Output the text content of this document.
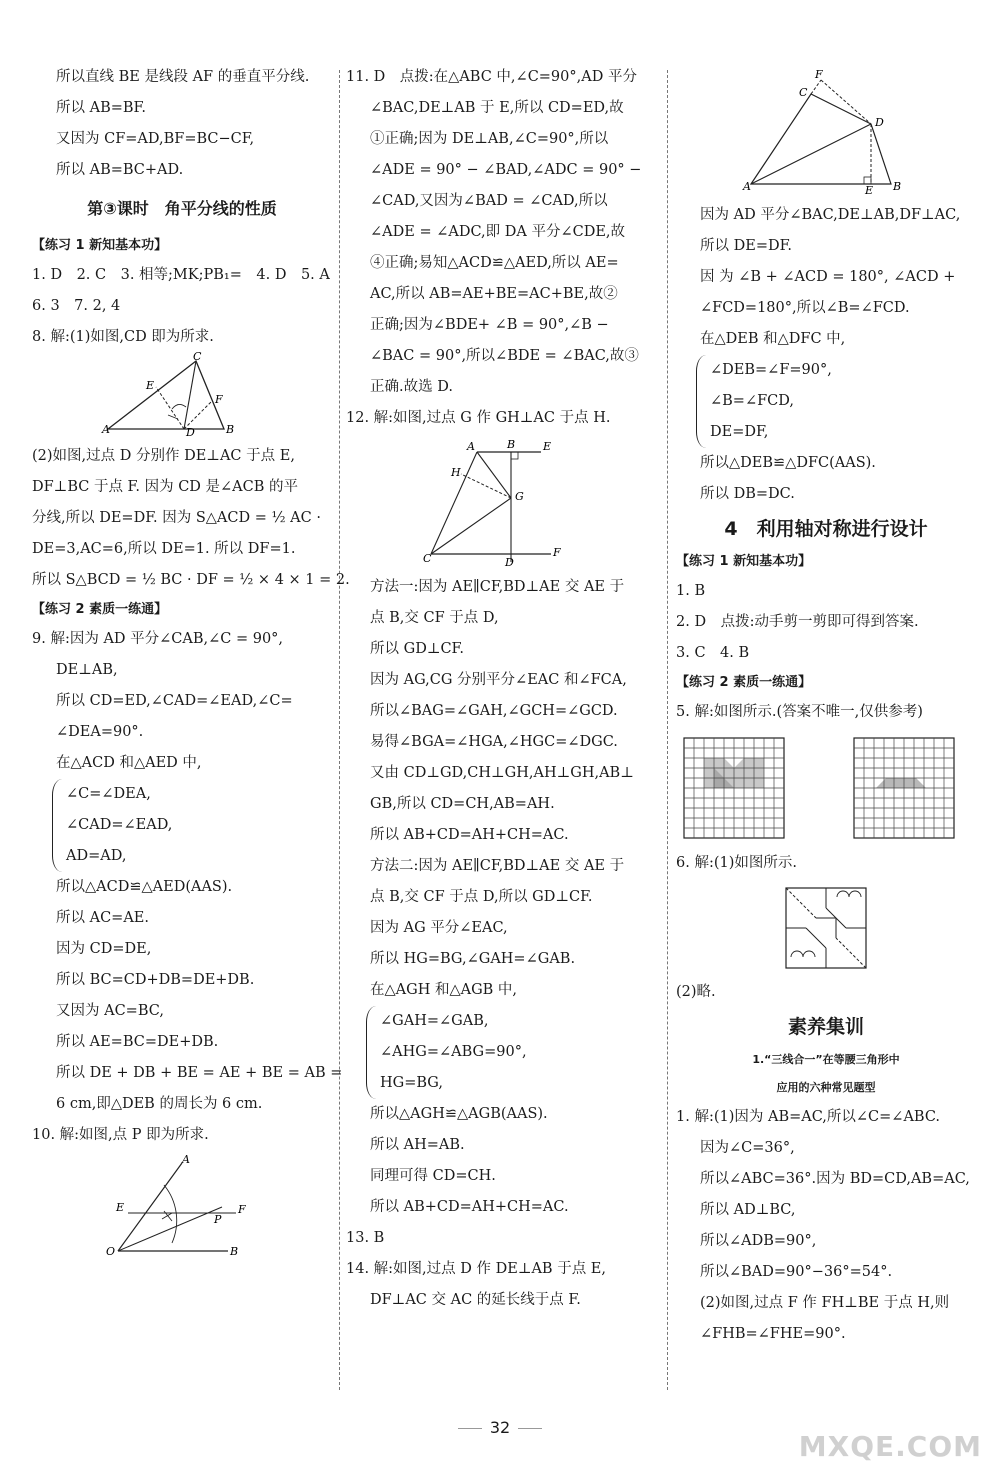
所以直线 BE 是线段 AF 的垂直平分线.
所以 AB=BF.
又因为 CF=AD,BF=BC−CF,
所以 AB=BC+AD.
第③课时　角平分线的性质
【练习 1 新知基本功】
1. D　2. C　3. 相等;MK;PB₁=　4. D　5. A
6. 3　7. 2, 4
8. 解:(1)如图,CD 即为所求.
A	B
C
D
E
F
(2)如图,过点 D 分别作 DE⊥AC 于点 E,
DF⊥BC 于点 F. 因为 CD 是∠ACB 的平
分线,所以 DE=DF. 因为 S△ACD = ½ AC ·
DE=3,AC=6,所以 DE=1. 所以 DF=1.
所以 S△BCD = ½ BC · DF = ½ × 4 × 1 = 2.
【练习 2 素质一练通】
9. 解:因为 AD 平分∠CAB,∠C = 90°,
DE⊥AB,
所以 CD=ED,∠CAD=∠EAD,∠C=
∠DEA=90°.
在△ACD 和△AED 中,
∠C=∠DEA,
∠CAD=∠EAD,
AD=AD,
所以△ACD≌△AED(AAS).
所以 AC=AE.
因为 CD=DE,
所以 BC=CD+DB=DE+DB.
又因为 AC=BC,
所以 AE=BC=DE+DB.
所以 DE + DB + BE = AE + BE = AB =
6 cm,即△DEB 的周长为 6 cm.
10. 解:如图,点 P 即为所求.
A
B
E	F
O
P
11. D　点拨:在△ABC 中,∠C=90°,AD 平分
∠BAC,DE⊥AB 于 E,所以 CD=ED,故
①正确;因为 DE⊥AB,∠C=90°,所以
∠ADE = 90° − ∠BAD,∠ADC = 90° −
∠CAD,又因为∠BAD = ∠CAD,所以
∠ADE = ∠ADC,即 DA 平分∠CDE,故
④正确;易知△ACD≌△AED,所以 AE=
AC,所以 AB=AE+BE=AC+BE,故②
正确;因为∠BDE+ ∠B = 90°,∠B −
∠BAC = 90°,所以∠BDE = ∠BAC,故③
正确.故选 D.
12. 解:如图,过点 G 作 GH⊥AC 于点 H.
A	B
C	D
E
F
G
H
方法一:因为 AE∥CF,BD⊥AE 交 AE 于
点 B,交 CF 于点 D,
所以 GD⊥CF.
因为 AG,CG 分别平分∠EAC 和∠FCA,
所以∠BAG=∠GAH,∠GCH=∠GCD.
易得∠BGA=∠HGA,∠HGC=∠DGC.
又由 CD⊥GD,CH⊥GH,AH⊥GH,AB⊥
GB,所以 CD=CH,AB=AH.
所以 AB+CD=AH+CH=AC.
方法二:因为 AE∥CF,BD⊥AE 交 AE 于
点 B,交 CF 于点 D,所以 GD⊥CF.
因为 AG 平分∠EAC,
所以 HG=BG,∠GAH=∠GAB.
在△AGH 和△AGB 中,
∠GAH=∠GAB,
∠AHG=∠ABG=90°,
HG=BG,
所以△AGH≌△AGB(AAS).
所以 AH=AB.
同理可得 CD=CH.
所以 AB+CD=AH+CH=AC.
13. B
14. 解:如图,过点 D 作 DE⊥AB 于点 E,
DF⊥AC 交 AC 的延长线于点 F.
A	B
C
D
E
F
因为 AD 平分∠BAC,DE⊥AB,DF⊥AC,
所以 DE=DF.
因 为 ∠B + ∠ACD = 180°, ∠ACD +
∠FCD=180°,所以∠B=∠FCD.
在△DEB 和△DFC 中,
∠DEB=∠F=90°,
∠B=∠FCD,
DE=DF,
所以△DEB≌△DFC(AAS).
所以 DB=DC.
4　利用轴对称进行设计
【练习 1 新知基本功】
1. B
2. D　点拨:动手剪一剪即可得到答案.
3. C　4. B
【练习 2 素质一练通】
5. 解:如图所示.(答案不唯一,仅供参考)
6. 解:(1)如图所示.
(2)略.
素养集训
1.“三线合一”在等腰三角形中
应用的六种常见题型
1. 解:(1)因为 AB=AC,所以∠C=∠ABC.
因为∠C=36°,
所以∠ABC=36°.因为 BD=CD,AB=AC,
所以 AD⊥BC,
所以∠ADB=90°,
所以∠BAD=90°−36°=54°.
(2)如图,过点 F 作 FH⊥BE 于点 H,则
∠FHB=∠FHE=90°.
32
MXQE.COM
